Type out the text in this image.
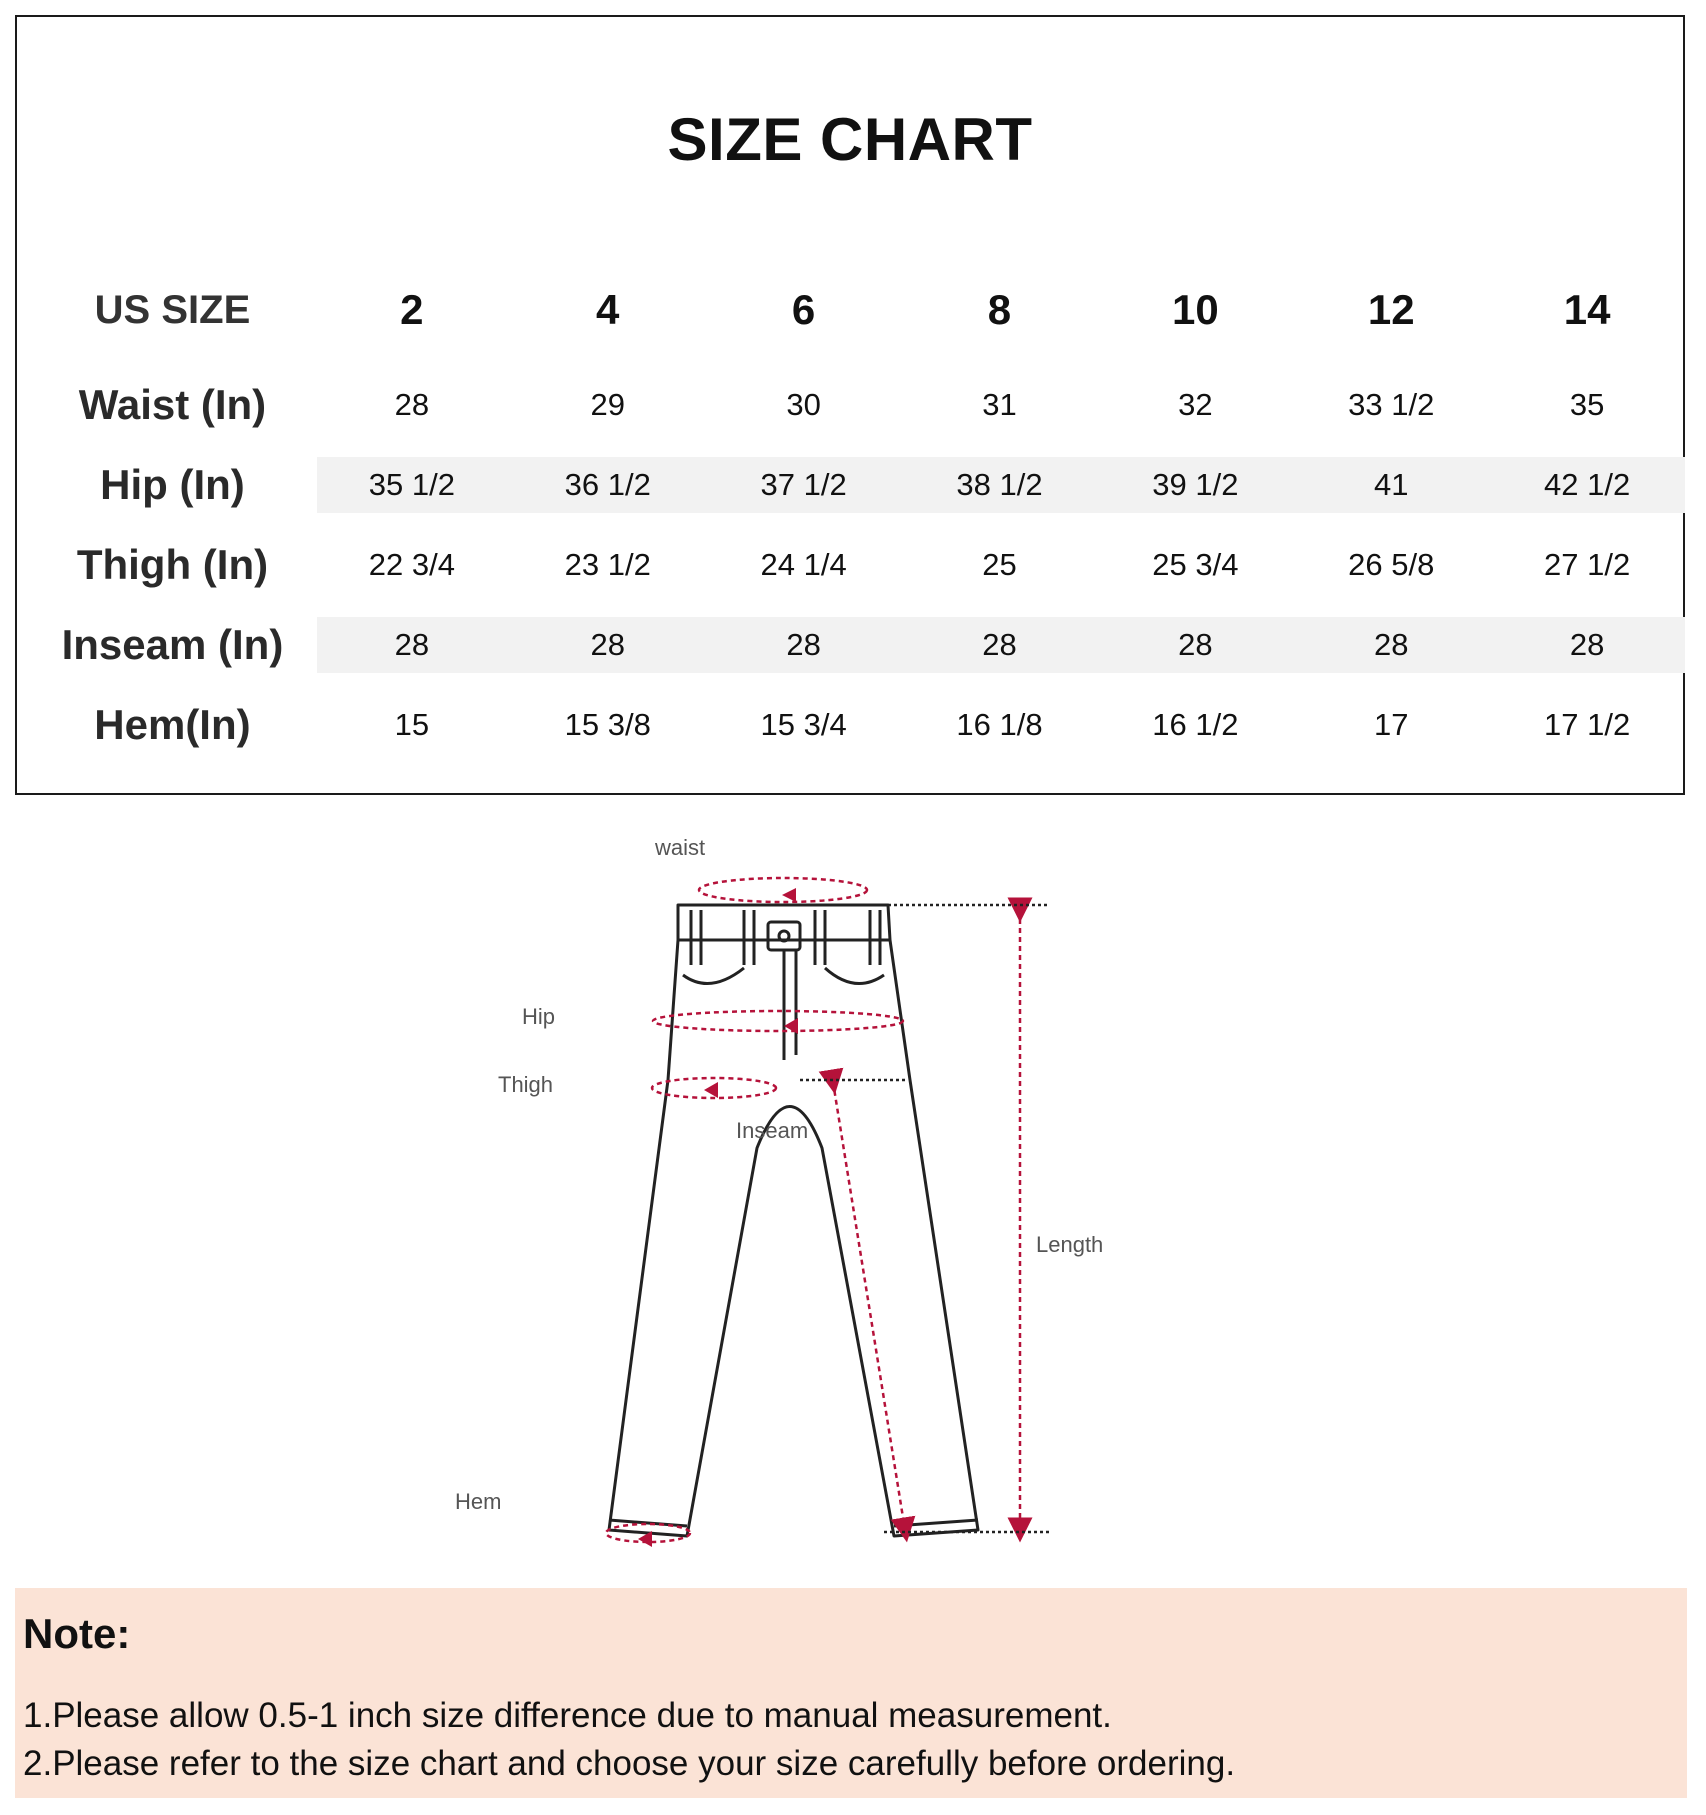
SIZE CHART
US SIZE	2	4	6	8	10	12	14
Waist (In)	28	29	30	31	32	33 1/2	35
Hip (In)	35 1/2	36 1/2	37 1/2	38 1/2	39 1/2	41	42 1/2
Thigh (In)	22 3/4	23 1/2	24 1/4	25	25 3/4	26 5/8	27 1/2
Inseam (In)	28	28	28	28	28	28	28
Hem(In)	15	15 3/8	15 3/4	16 1/8	16 1/2	17	17 1/2
waist
Hip
Thigh
Inseam
Length
Hem
Note:
1.Please allow 0.5-1 inch size difference due to manual measurement.
2.Please refer to the size chart and choose your size carefully before ordering.
